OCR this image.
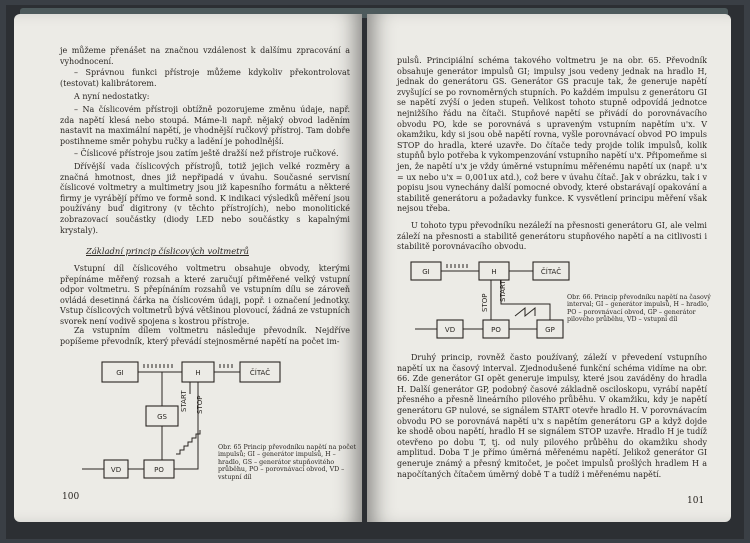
je můžeme přenášet na značnou vzdálenost k dalšímu zpracování a vyhodnocení.
– Správnou funkci přístroje můžeme kdykoliv překontrolovat (testovat) kalibrátorem.
A nyní nedostatky:
– Na číslicovém přístroji obtížně pozorujeme změnu údaje, např. zda napětí klesá nebo stoupá. Máme-li např. nějaký obvod laděním nastavit na maximální napětí, je vhodnější ručkový přístroj. Tam dobře postihneme směr pohybu ručky a ladění je pohodlnější.
– Číslicové přístroje jsou zatím ještě dražší než přístroje ručkové.
Dřívější vada číslicových přístrojů, totiž jejich velké rozměry a značná hmotnost, dnes již nepřipadá v úvahu. Současné servisní číslicové voltmetry a multimetry jsou již kapesního formátu a některé firmy je vyrábějí přímo ve formě sond. K indikaci výsledků měření jsou používány buď digitrony (v těchto přístrojích), nebo monolitické zobrazovací součástky (diody LED nebo součástky s kapalnými krystaly).
Základní princip číslicových voltmetrů
Vstupní díl číslicového voltmetru obsahuje obvody, kterými přepínáme měřený rozsah a které zaručují přiměřené velký vstupní odpor voltmetru. S přepínáním rozsahů ve vstupním dílu se zároveň ovládá desetinná čárka na číslicovém údaji, popř. i označení jednotky. Vstup číslicových voltmetrů bývá většinou plovoucí, žádná ze vstupních svorek není vodivě spojena s kostrou přístroje.
Za vstupním dílem voltmetru následuje převodník. Nejdříve popíšeme převodník, který převádí stejnosměrné napětí na počet im-
GI	H	ČÍTAČ
GS
VD	PO
START STOP
Obr. 65 Princip převodníku napětí na počet impulsů; GI – generátor impulsů, H – hradlo, GS – generátor stupňovitého průběhu, PO – porovnávací obvod, VD – vstupní díl
100
pulsů. Principiální schéma takového voltmetru je na obr. 65. Převodník obsahuje generátor impulsů GI; impulsy jsou vedeny jednak na hradlo H, jednak do generátoru GS. Generátor GS pracuje tak, že generuje napětí zvyšující se po rovnoměrných stupních. Po každém impulsu z generátoru GI se napětí zvýší o jeden stupeň. Velikost tohoto stupně odpovídá jednotce nejnižšího řádu na čítači. Stupňové napětí se přivádí do porovnávacího obvodu PO, kde se porovnává s upraveným vstupním napětím u'x. V okamžiku, kdy si jsou obě napětí rovna, vyšle porovnávací obvod PO impuls STOP do hradla, které uzavře. Do čítače tedy projde tolik impulsů, kolik stupňů bylo potřeba k vykompenzování vstupního napětí u'x. Připomeňme si jen, že napětí u'x je vždy úměrné vstupnímu měřenému napětí ux (např. u'x = ux nebo u'x = 0,001ux atd.), což bere v úvahu čítač. Jak v obrázku, tak i v popisu jsou vynechány další pomocné obvody, které obstarávají opakování a stabilitě generátoru a požadavky funkce. K vysvětlení principu měření však nejsou třeba.
U tohoto typu převodníku nezáleží na přesnosti generátoru GI, ale velmi záleží na přesnosti a stabilitě generátoru stupňového napětí a na citlivosti i stabilitě porovnávacího obvodu.
GI	H	ČÍTAČ
VD	PO	GP
STOP
START	Obr. 66. Princip převodníku napětí na časový interval; GI – generátor impulsů, H – hradlo, PO – porovnávací obvod, GP – generátor pilového průběhu, VD – vstupní díl
Druhý princip, rovněž často používaný, záleží v převedení vstupního napětí ux na časový interval. Zjednodušené funkční schéma vidíme na obr. 66. Zde generátor GI opět generuje impulsy, které jsou zaváděny do hradla H. Další generátor GP, podobný časové základně osciloskopu, vyrábí napětí přesného a přesně lineárního pilového průběhu. V okamžiku, kdy je napětí generátoru GP nulové, se signálem START otevře hradlo H. V porovnávacím obvodu PO se porovnává napětí u'x s napětím generátoru GP a když dojde ke shodě obou napětí, hradlo H se signálem STOP uzavře. Hradlo H je tudíž otevřeno po dobu T, tj. od nuly pilového průběhu do okamžiku shody amplitud. Doba T je přímo úměrná měřenému napětí. Jelikož generátor GI generuje známý a přesný kmitočet, je počet impulsů prošlých hradlem H a napočítaných čítačem úměrný době T a tudíž i měřenému napětí.
101
